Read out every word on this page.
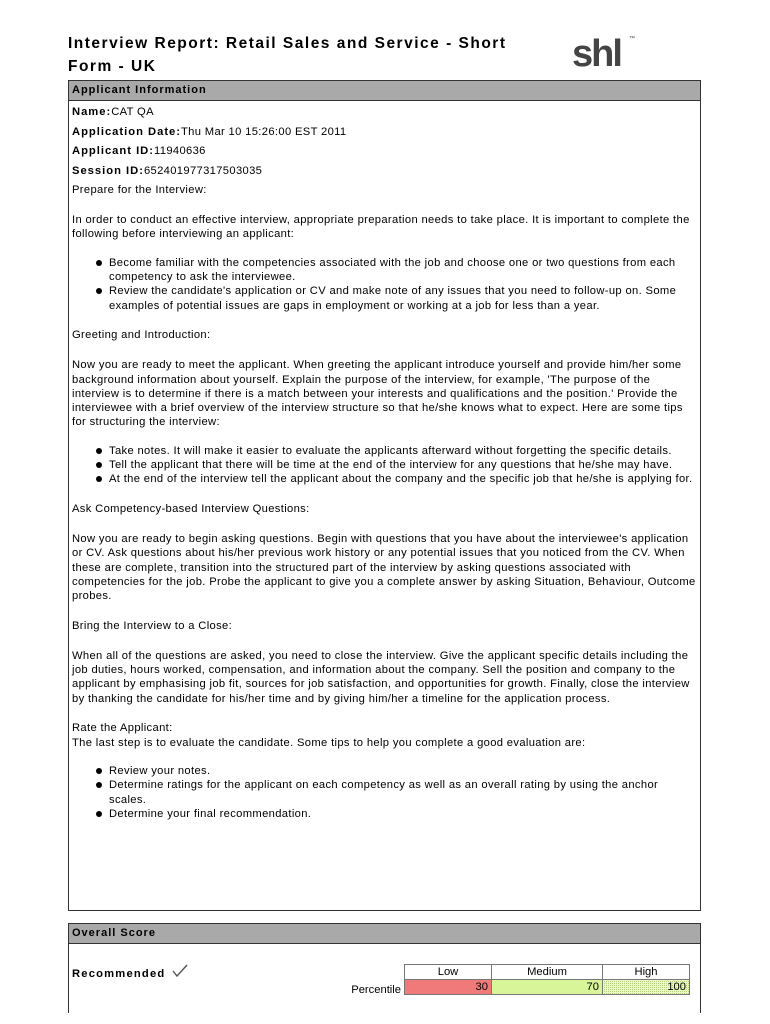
Interview Report: Retail Sales and Service - Short
Form - UK	shl ™
Applicant Information
Name:CAT QA
Application Date:Thu Mar 10 15:26:00 EST 2011
Applicant ID:11940636
Session ID:652401977317503035

Prepare for the Interview:

In order to conduct an effective interview, appropriate preparation needs to take place. It is important to complete the following before interviewing an applicant:

Become familiar with the competencies associated with the job and choose one or two questions from each competency to ask the interviewee.
Review the candidate's application or CV and make note of any issues that you need to follow-up on. Some examples of potential issues are gaps in employment or working at a job for less than a year.

Greeting and Introduction:

Now you are ready to meet the applicant. When greeting the applicant introduce yourself and provide him/her some background information about yourself. Explain the purpose of the interview, for example, 'The purpose of the interview is to determine if there is a match between your interests and qualifications and the position.' Provide the interviewee with a brief overview of the interview structure so that he/she knows what to expect. Here are some tips for structuring the interview:

Take notes. It will make it easier to evaluate the applicants afterward without forgetting the specific details.
Tell the applicant that there will be time at the end of the interview for any questions that he/she may have.
At the end of the interview tell the applicant about the company and the specific job that he/she is applying for.

Ask Competency-based Interview Questions:

Now you are ready to begin asking questions. Begin with questions that you have about the interviewee's application or CV. Ask questions about his/her previous work history or any potential issues that you noticed from the CV. When these are complete, transition into the structured part of the interview by asking questions associated with competencies for the job. Probe the applicant to give you a complete answer by asking Situation, Behaviour, Outcome probes.

Bring the Interview to a Close:

When all of the questions are asked, you need to close the interview. Give the applicant specific details including the job duties, hours worked, compensation, and information about the company. Sell the position and company to the applicant by emphasising job fit, sources for job satisfaction, and opportunities for growth. Finally, close the interview by thanking the candidate for his/her time and by giving him/her a timeline for the application process.

Rate the Applicant:

The last step is to evaluate the candidate. Some tips to help you complete a good evaluation are:

Review your notes.
Determine ratings for the applicant on each competency as well as an overall rating by using the anchor scales.
Determine your final recommendation.
Overall Score
Recommended
Percentile
Low	Medium	High
30	70	100
